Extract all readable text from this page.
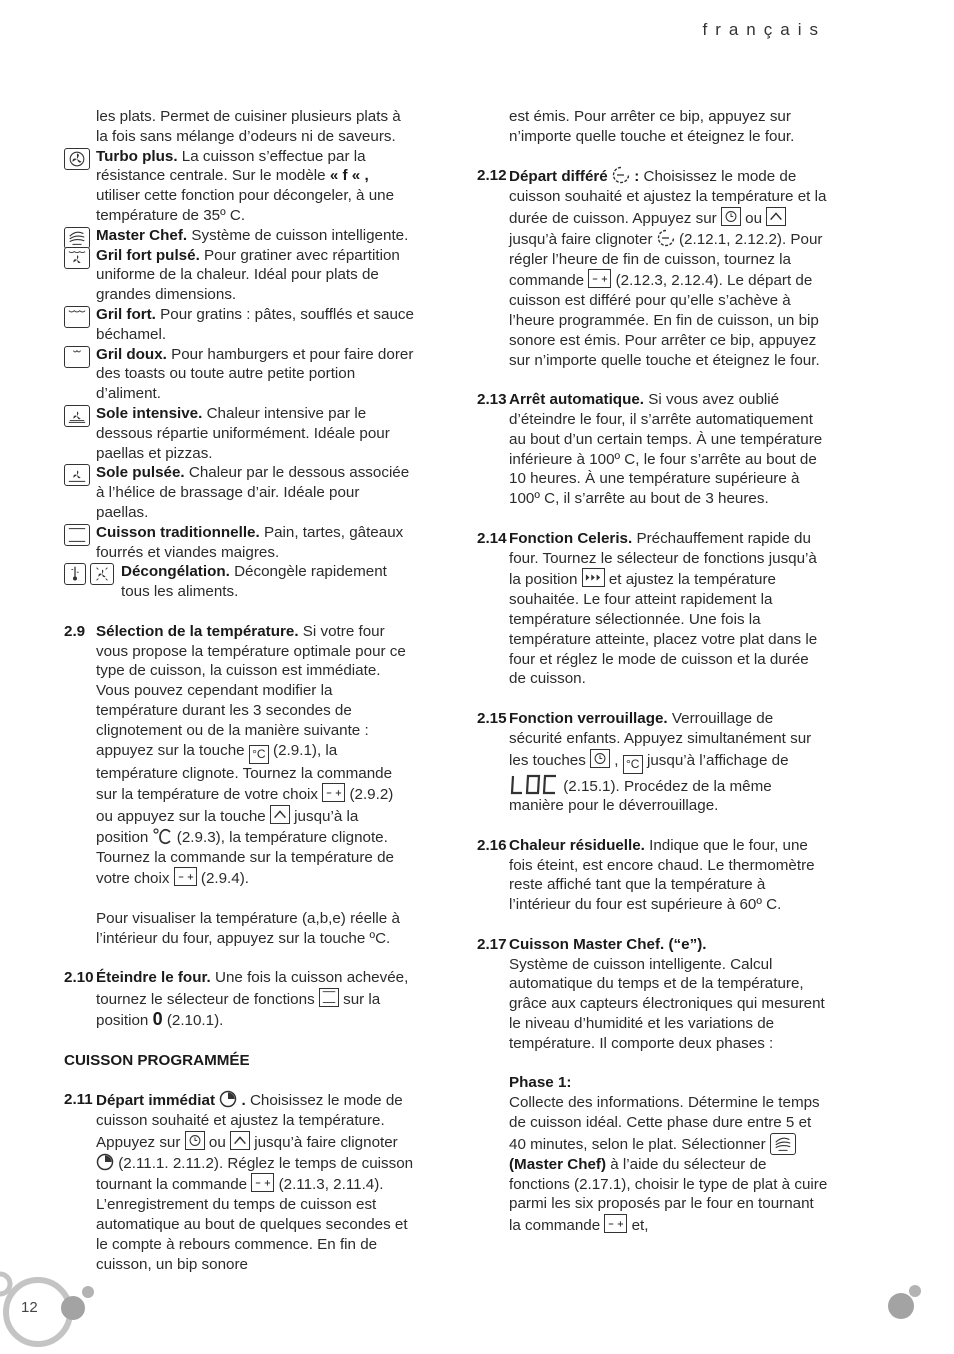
français

les plats. Permet de cuisiner plusieurs plats à la fois sans mélange d’odeurs ni de saveurs.

Turbo plus. La cuisson s’effectue par la résistance centrale. Sur le modèle « f « , utiliser cette fonction pour décongeler, à une température de 35º C.
Master Chef. Système de cuisson intelligente.
Gril fort pulsé. Pour gratiner avec répartition uniforme de la chaleur. Idéal pour plats de grandes dimensions.
Gril fort. Pour gratins : pâtes, soufflés et sauce béchamel.
Gril doux. Pour hamburgers et pour faire dorer des toasts ou toute autre petite portion d’aliment.
Sole intensive. Chaleur intensive par le dessous répartie uniformément. Idéale pour paellas et pizzas.
Sole pulsée. Chaleur par le dessous associée à l’hélice de brassage d’air. Idéale pour paellas.
Cuisson traditionnelle. Pain, tartes, gâteaux fourrés et viandes maigres.
Décongélation. Décongèle rapidement tous les aliments.
2.9 Sélection de la température. Si votre four vous propose la température optimale pour ce type de cuisson, la cuisson est immédiate. Vous pouvez cependant modifier la température durant les 3 secondes de clignotement ou de la manière suivante : appuyez sur la touche °C (2.9.1), la température clignote. Tournez la commande sur la température de votre choix
(2.9.2) ou appuyez sur la touche
jusqu’à la position  (2.9.3), la température clignote. Tournez la commande sur la température de votre choix
(2.9.4).

Pour visualiser la température (a,b,e) réelle à l’intérieur du four, appuyez sur la touche ºC.

2.10 Éteindre le four. Une fois la cuisson achevée, tournez le sélecteur de fonctions
sur la position 0 (2.10.1).

CUISSON PROGRAMMÉE

2.11 Départ immédiat . Choisissez le mode de cuisson souhaité et ajustez la température. Appuyez sur
ou
jusqu’à faire clignoter  (2.11.1. 2.11.2). Réglez le temps de cuisson tournant la commande
(2.11.3, 2.11.4). L’enregistrement du temps de cuisson est automatique au bout de quelques secondes et le compte à rebours commence. En fin de cuisson, un bip sonore

est émis. Pour arrêter ce bip, appuyez sur n’importe quelle touche et éteignez le four.

2.12 Départ différé : Choisissez le mode de cuisson souhaité et ajustez la température et la durée de cuisson. Appuyez sur
ou
jusqu’à faire clignoter  (2.12.1, 2.12.2). Pour régler l’heure de fin de cuisson, tournez la commande
(2.12.3, 2.12.4). Le départ de cuisson est différé pour qu’elle s’achève à l’heure programmée. En fin de cuisson, un bip sonore est émis. Pour arrêter ce bip, appuyez sur n’importe quelle touche et éteignez le four.
2.13 Arrêt automatique. Si vous avez oublié d’éteindre le four, il s’arrête automatiquement au bout d’un certain temps. À une température inférieure à 100º C, le four s’arrête au bout de 10 heures. À une température supérieure à 100º C, il s’arrête au bout de 3 heures.
2.14 Fonction Celeris. Préchauffement rapide du four. Tournez le sélecteur de fonctions jusqu’à la position
et ajustez la température souhaitée. Le four atteint rapidement la température sélectionnée. Une fois la température atteinte, placez votre plat dans le four et réglez le mode de cuisson et la durée de cuisson.
2.15 Fonction verrouillage. Verrouillage de sécurité enfants. Appuyez simultanément sur les touches
, °C jusqu’à l’affichage de  (2.15.1). Procédez de la même manière pour le déverrouillage.
2.16 Chaleur résiduelle. Indique que le four, une fois éteint, est encore chaud. Le thermomètre reste affiché tant que la température à l’intérieur du four est supérieure à 60º C.
2.17 Cuisson Master Chef. (“e”).
Système de cuisson intelligente. Calcul automatique du temps et de la température, grâce aux capteurs électroniques qui mesurent le niveau d’humidité et les variations de température. Il comporte deux phases :

Phase 1:

Collecte des informations. Détermine le temps de cuisson idéal. Cette phase dure entre 5 et 40 minutes, selon le plat. Sélectionner
(Master Chef) à l’aide du sélecteur de fonctions (2.17.1), choisir le type de plat à cuire parmi les six proposés par le four en tournant la commande
et,

12
